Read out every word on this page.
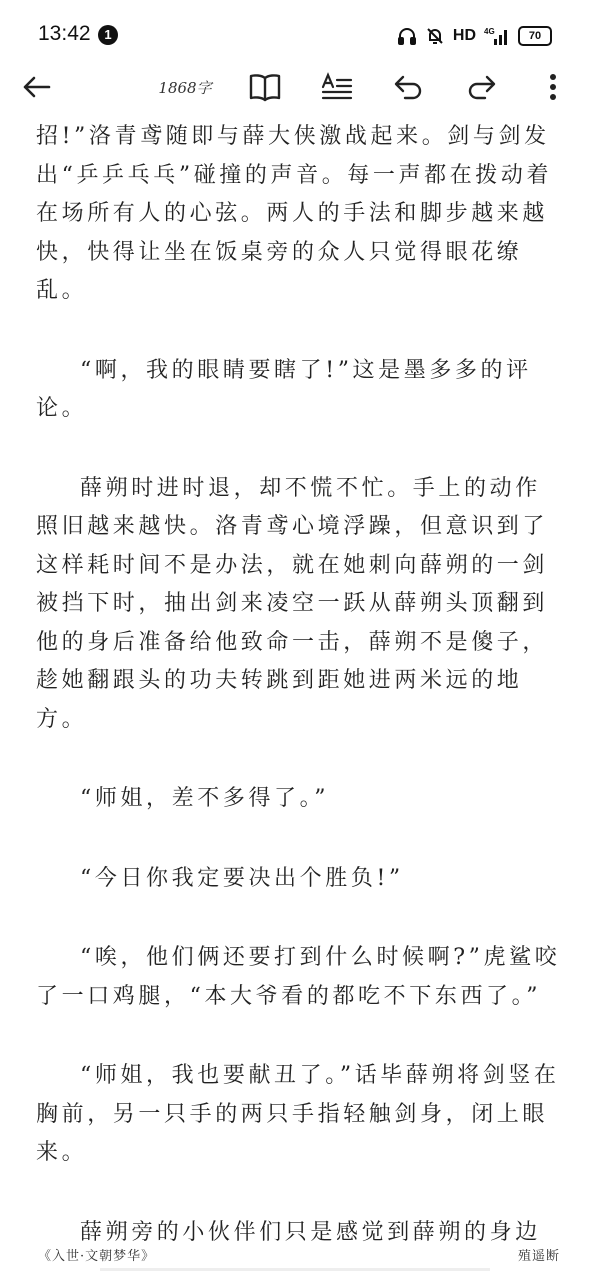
13:42	1	HD 4G	70
1868字

招!”洛青鸢随即与薛大侠激战起来。剑与剑发出“乒乒乓乓”碰撞的声音。每一声都在拨动着在场所有人的心弦。两人的手法和脚步越来越快，快得让坐在饭桌旁的众人只觉得眼花缭乱。

“啊，我的眼睛要瞎了!”这是墨多多的评论。

薛朔时进时退，却不慌不忙。手上的动作照旧越来越快。洛青鸢心境浮躁，但意识到了这样耗时间不是办法，就在她刺向薛朔的一剑被挡下时，抽出剑来凌空一跃从薛朔头顶翻到他的身后准备给他致命一击，薛朔不是傻子，趁她翻跟头的功夫转跳到距她进两米远的地方。

“师姐，差不多得了。”

“今日你我定要决出个胜负!”

“唉，他们俩还要打到什么时候啊?”虎鲨咬了一口鸡腿，“本大爷看的都吃不下东西了。”

“师姐，我也要献丑了。”话毕薛朔将剑竖在胸前，另一只手的两只手指轻触剑身，闭上眼来。

薛朔旁的小伙伴们只是感觉到薛朔的身边

《入世·文朝梦华》	殖遥断
